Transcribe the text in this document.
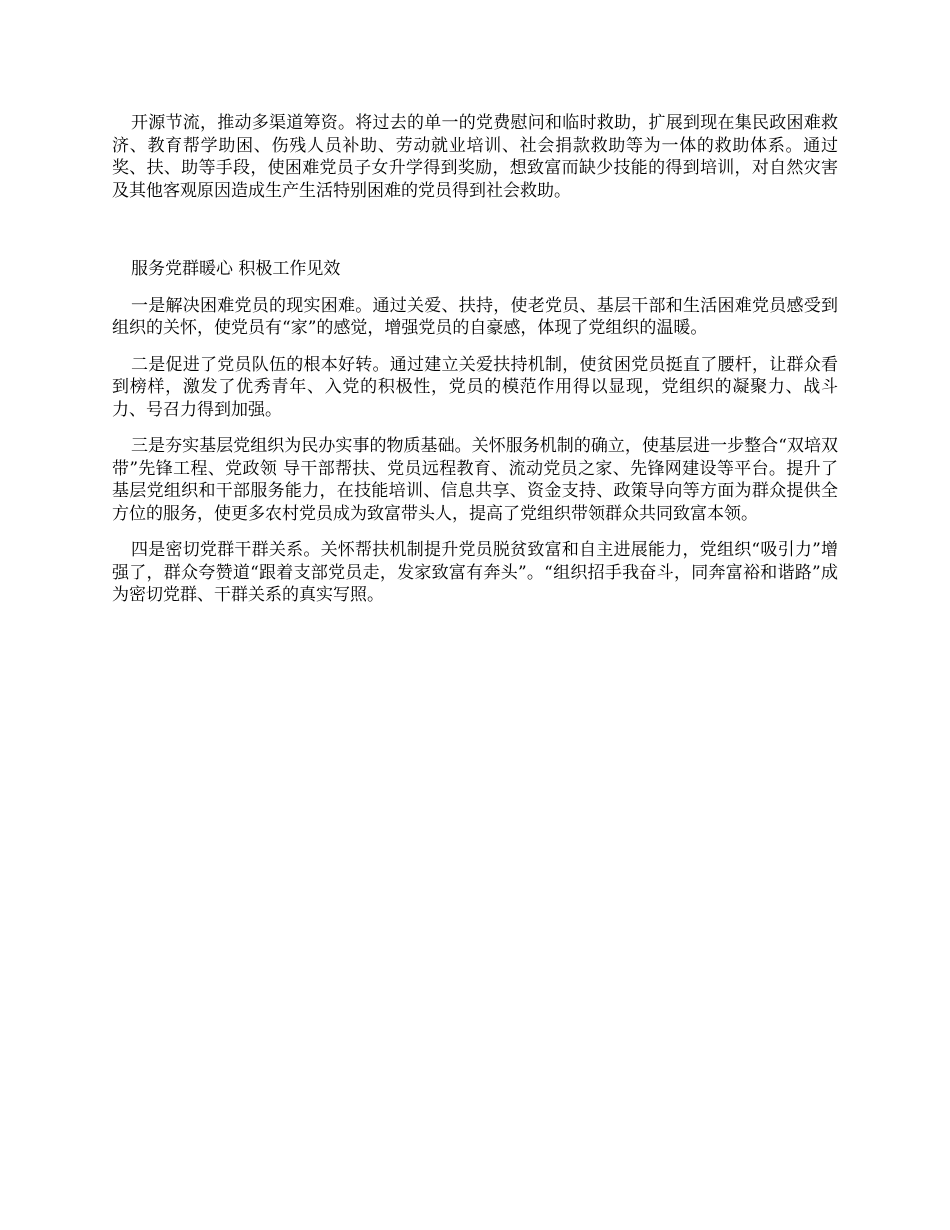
开源节流，推动多渠道筹资。将过去的单一的党费慰问和临时救助，扩展到现在集民政困难救济、教育帮学助困、伤残人员补助、劳动就业培训、社会捐款救助等为一体的救助体系。通过奖、扶、助等手段，使困难党员子女升学得到奖励，想致富而缺少技能的得到培训，对自然灾害及其他客观原因造成生产生活特别困难的党员得到社会救助。

服务党群暖心 积极工作见效

一是解决困难党员的现实困难。通过关爱、扶持，使老党员、基层干部和生活困难党员感受到组织的关怀，使党员有“家”的感觉，增强党员的自豪感，体现了党组织的温暖。

二是促进了党员队伍的根本好转。通过建立关爱扶持机制，使贫困党员挺直了腰杆，让群众看到榜样，激发了优秀青年、入党的积极性，党员的模范作用得以显现，党组织的凝聚力、战斗力、号召力得到加强。

三是夯实基层党组织为民办实事的物质基础。关怀服务机制的确立，使基层进一步整合“双培双带”先锋工程、党政领 导干部帮扶、党员远程教育、流动党员之家、先锋网建设等平台。提升了基层党组织和干部服务能力，在技能培训、信息共享、资金支持、政策导向等方面为群众提供全方位的服务，使更多农村党员成为致富带头人，提高了党组织带领群众共同致富本领。

四是密切党群干群关系。关怀帮扶机制提升党员脱贫致富和自主进展能力，党组织“吸引力”增强了，群众夸赞道“跟着支部党员走，发家致富有奔头”。“组织招手我奋斗，同奔富裕和谐路”成为密切党群、干群关系的真实写照。
